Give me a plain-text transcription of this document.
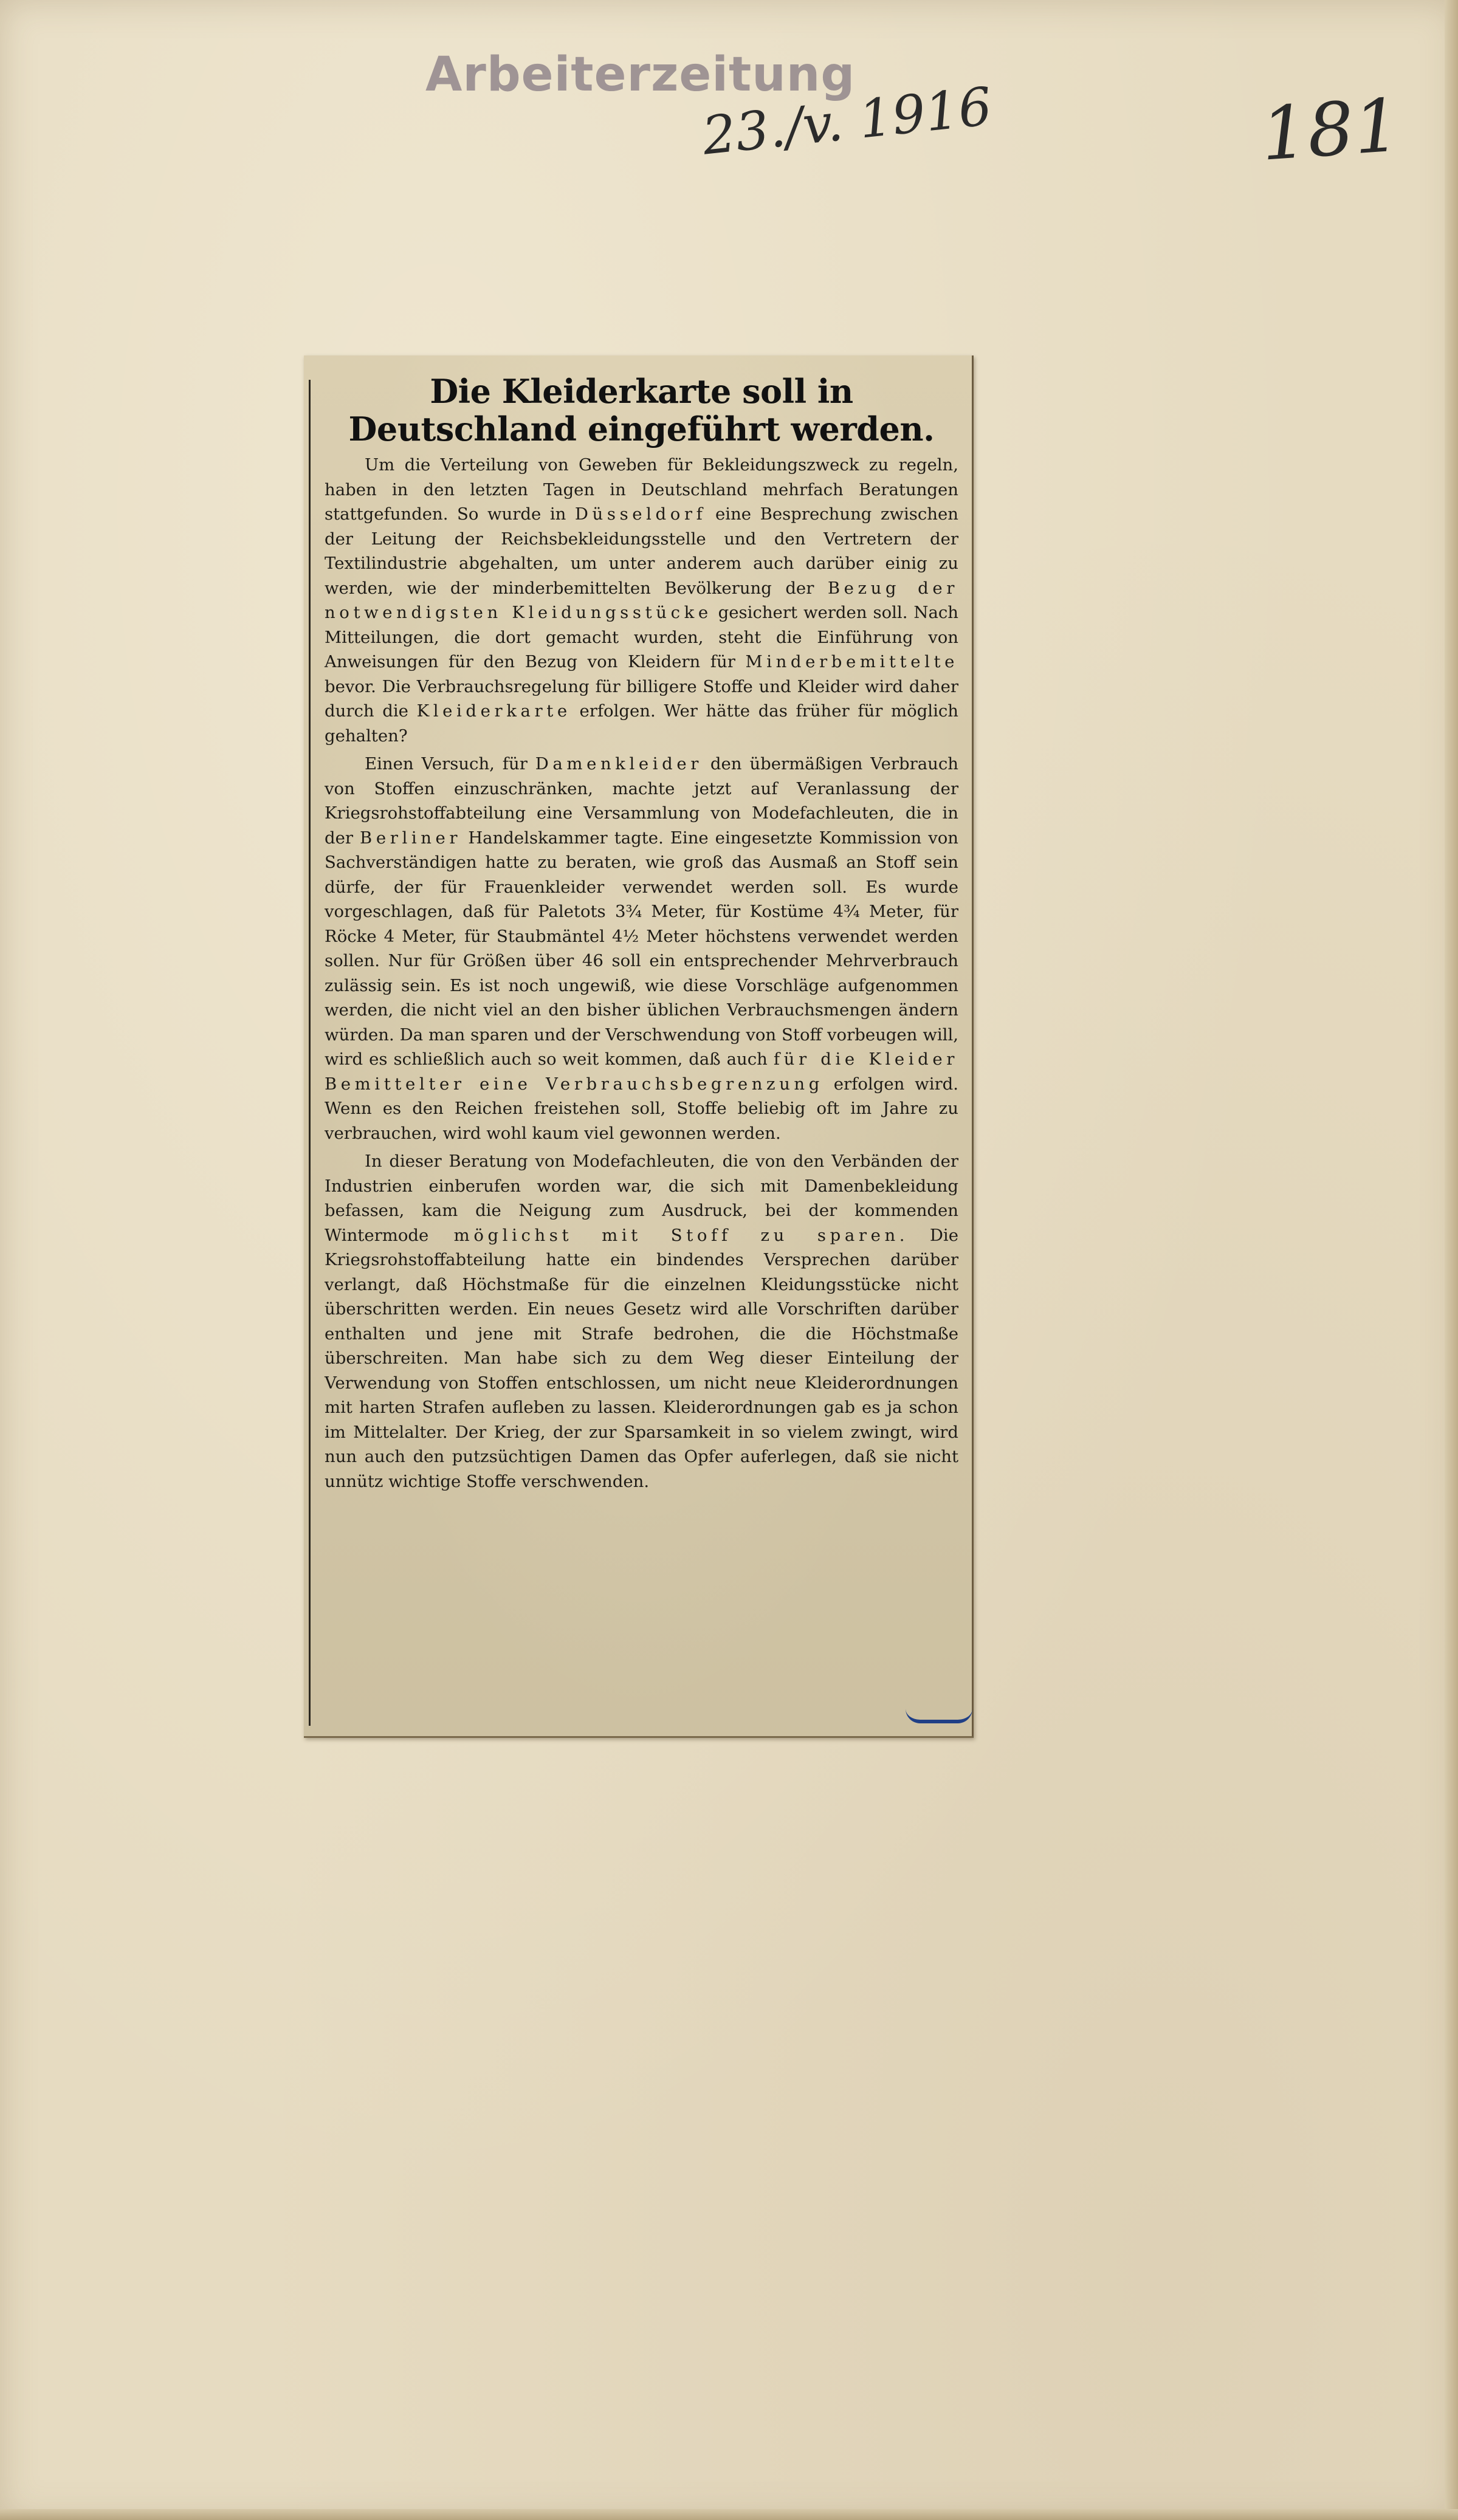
Arbeiterzeitung
23./v. 1916	181
Die Kleiderkarte soll in Deutschland eingeführt werden.

Um die Verteilung von Geweben für Bekleidungszweck zu regeln, haben in den letzten Tagen in Deutschland mehrfach Beratungen stattgefunden. So wurde in Düsseldorf eine Besprechung zwischen der Leitung der Reichsbekleidungsstelle und den Vertretern der Textilindustrie abgehalten, um unter anderem auch darüber einig zu werden, wie der minderbemittelten Bevölkerung der Bezug der notwendigsten Kleidungsstücke gesichert werden soll. Nach Mitteilungen, die dort gemacht wurden, steht die Einführung von Anweisungen für den Bezug von Kleidern für Minderbemittelte bevor. Die Verbrauchsregelung für billigere Stoffe und Kleider wird daher durch die Kleiderkarte erfolgen. Wer hätte das früher für möglich gehalten?

Einen Versuch, für Damenkleider den übermäßigen Verbrauch von Stoffen einzuschränken, machte jetzt auf Veranlassung der Kriegsrohstoffabteilung eine Versammlung von Modefachleuten, die in der Berliner Handelskammer tagte. Eine eingesetzte Kommission von Sachverständigen hatte zu beraten, wie groß das Ausmaß an Stoff sein dürfe, der für Frauenkleider verwendet werden soll. Es wurde vorgeschlagen, daß für Paletots 3¾ Meter, für Kostüme 4¾ Meter, für Röcke 4 Meter, für Staubmäntel 4½ Meter höchstens verwendet werden sollen. Nur für Größen über 46 soll ein entsprechender Mehrverbrauch zulässig sein. Es ist noch ungewiß, wie diese Vorschläge aufgenommen werden, die nicht viel an den bisher üblichen Verbrauchsmengen ändern würden. Da man sparen und der Verschwendung von Stoff vorbeugen will, wird es schließlich auch so weit kommen, daß auch für die Kleider Bemittelter eine Verbrauchsbegrenzung erfolgen wird. Wenn es den Reichen freistehen soll, Stoffe beliebig oft im Jahre zu verbrauchen, wird wohl kaum viel gewonnen werden.

In dieser Beratung von Modefachleuten, die von den Verbänden der Industrien einberufen worden war, die sich mit Damenbekleidung befassen, kam die Neigung zum Ausdruck, bei der kommenden Wintermode möglichst mit Stoff zu sparen. Die Kriegsrohstoffabteilung hatte ein bindendes Versprechen darüber verlangt, daß Höchstmaße für die einzelnen Kleidungsstücke nicht überschritten werden. Ein neues Gesetz wird alle Vorschriften darüber enthalten und jene mit Strafe bedrohen, die die Höchstmaße überschreiten. Man habe sich zu dem Weg dieser Einteilung der Verwendung von Stoffen entschlossen, um nicht neue Kleiderordnungen mit harten Strafen aufleben zu lassen. Kleiderordnungen gab es ja schon im Mittelalter. Der Krieg, der zur Sparsamkeit in so vielem zwingt, wird nun auch den putzsüchtigen Damen das Opfer auferlegen, daß sie nicht unnütz wichtige Stoffe verschwenden.
